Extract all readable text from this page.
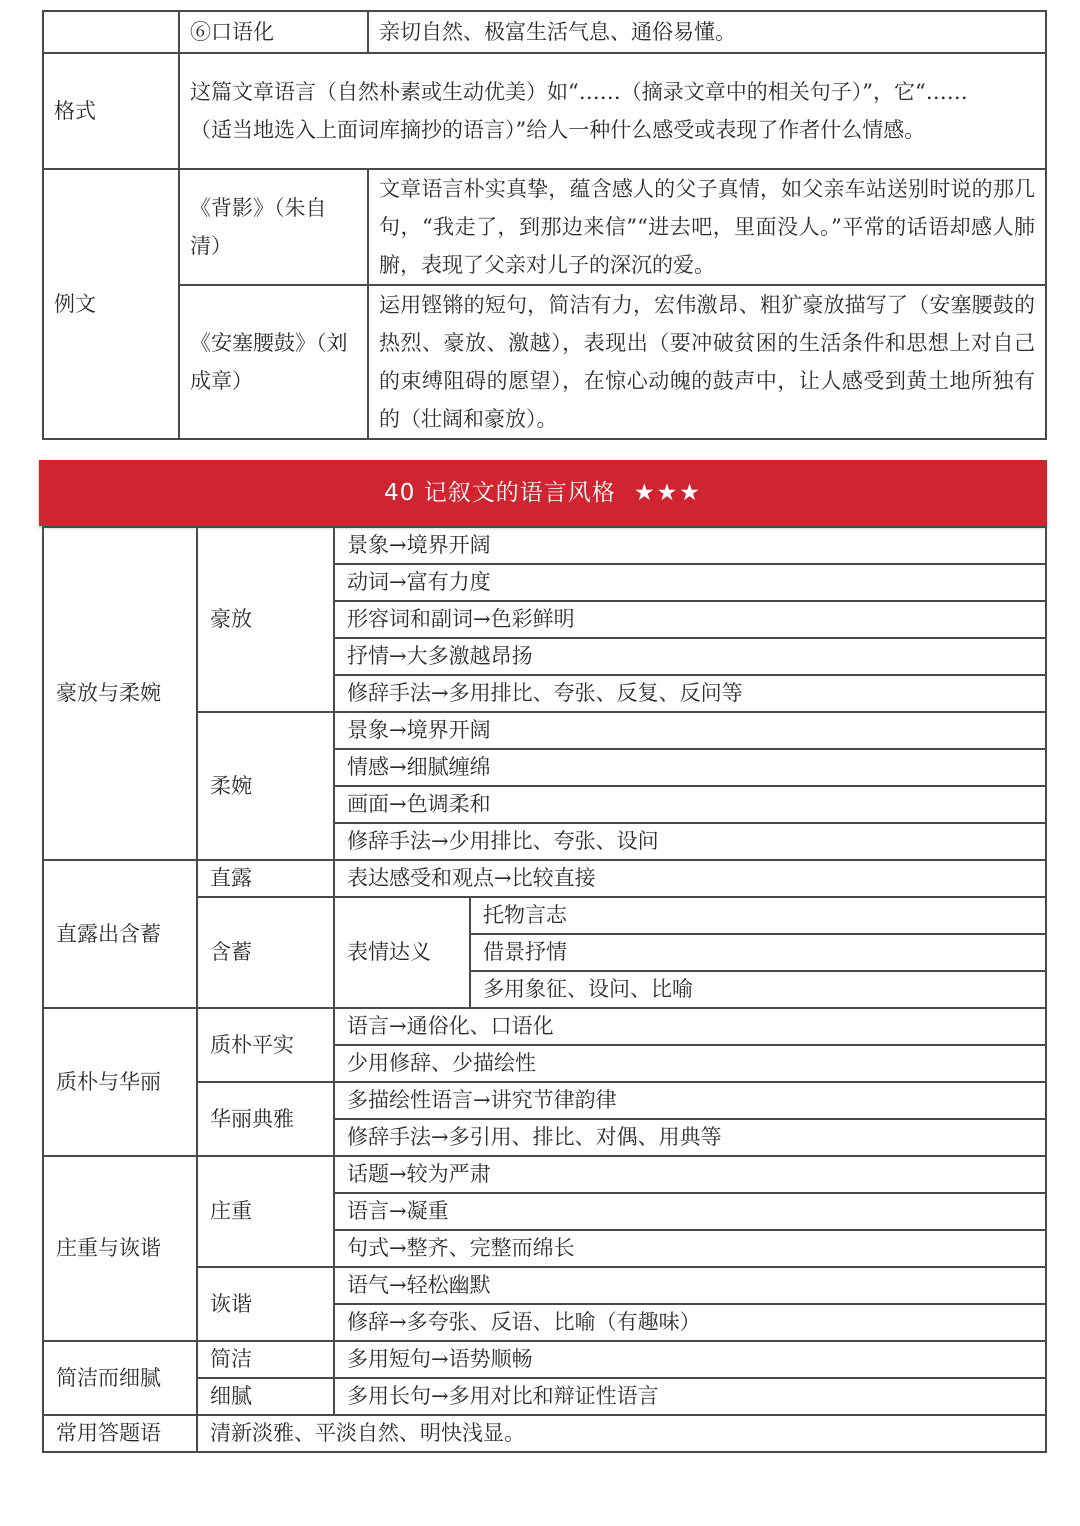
	⑥口语化	亲切自然、极富生活气息、通俗易懂。
格式	这篇文章语言（自然朴素或生动优美）如“……（摘录文章中的相关句子）”，它“……
（适当地选入上面词库摘抄的语言）”给人一种什么感受或表现了作者什么情感。	

例文	《背影》（朱自清）	文章语言朴实真挚，蕴含感人的父子真情，如父亲车站送别时说的那几句，“我走了，到那边来信”“进去吧，里面没人。”平常的话语却感人肺腑，表现了父亲对儿子的深沉的爱。
	《安塞腰鼓》（刘成章）	运用铿锵的短句，简洁有力，宏伟激昂、粗犷豪放描写了（安塞腰鼓的热烈、豪放、激越），表现出（要冲破贫困的生活条件和思想上对自己的束缚阻碍的愿望），在惊心动魄的鼓声中，让人感受到黄土地所独有的（壮阔和豪放）。
40 记叙文的语言风格 ★★★
豪放与柔婉	豪放	景象→境界开阔	
		动词→富有力度	
		形容词和副词→色彩鲜明	
		抒情→大多激越昂扬	
		修辞手法→多用排比、夸张、反复、反问等	
	柔婉	景象→境界开阔	
		情感→细腻缠绵	
		画面→色调柔和	
		修辞手法→少用排比、夸张、设问	
直露出含蓄	直露	表达感受和观点→比较直接	
	含蓄	表情达义	托物言志
			借景抒情
			多用象征、设问、比喻
质朴与华丽	质朴平实	语言→通俗化、口语化	
		少用修辞、少描绘性	
	华丽典雅	多描绘性语言→讲究节律韵律	
		修辞手法→多引用、排比、对偶、用典等	
庄重与诙谐	庄重	话题→较为严肃	
		语言→凝重	
		句式→整齐、完整而绵长	
	诙谐	语气→轻松幽默	
		修辞→多夸张、反语、比喻（有趣味）	
简洁而细腻	简洁	多用短句→语势顺畅	
	细腻	多用长句→多用对比和辩证性语言	
常用答题语	清新淡雅、平淡自然、明快浅显。		
